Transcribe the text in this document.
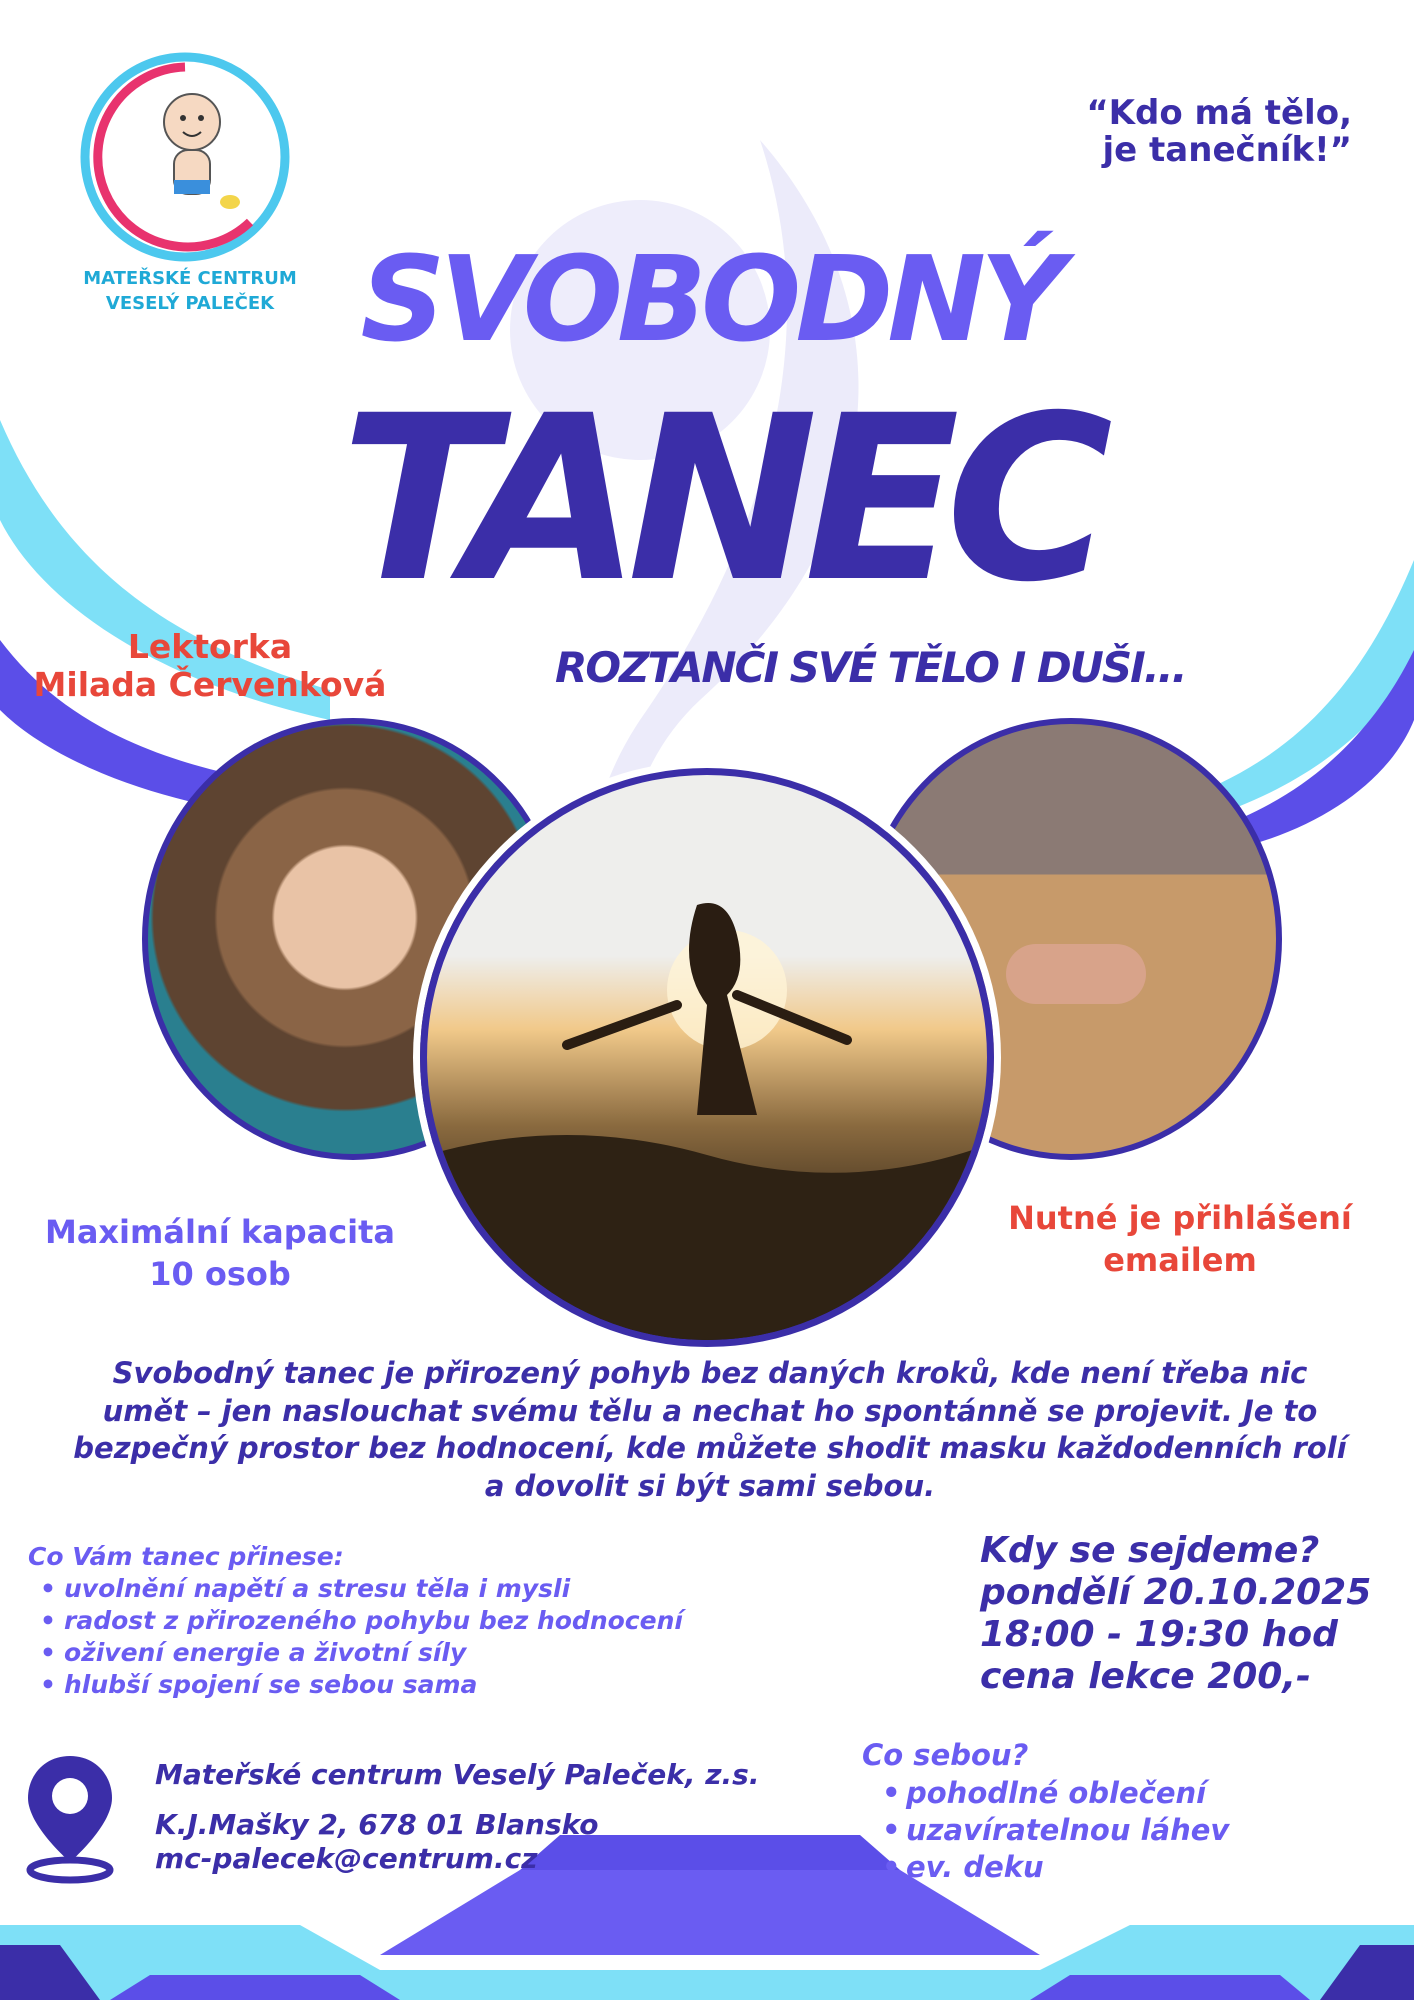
MATEŘSKÉ CENTRUM
VESELÝ PALEČEK
“Kdo má tělo,
je tanečník!”
SVOBODNÝ
TANEC
ROZTANČI SVÉ TĚLO I DUŠI...
Lektorka
Milada Červenková
Maximální kapacita
10 osob
Nutné je přihlášení
emailem
Svobodný tanec je přirozený pohyb bez daných kroků, kde není třeba nic umět – jen naslouchat svému tělu a nechat ho spontánně se projevit. Je to bezpečný prostor bez hodnocení, kde můžete shodit masku každodenních rolí a dovolit si být sami sebou.
Co Vám tanec přinese:
• uvolnění napětí a stresu těla i mysli
• radost z přirozeného pohybu bez hodnocení
• oživení energie a životní síly
• hlubší spojení se sebou sama
Kdy se sejdeme?
pondělí 20.10.2025
18:00 - 19:30 hod
cena lekce 200,-
Mateřské centrum Veselý Paleček, z.s.
K.J.Mašky 2, 678 01 Blansko
mc-palecek@centrum.cz
Co sebou?
• pohodlné oblečení
• uzavíratelnou láhev
• ev. deku
